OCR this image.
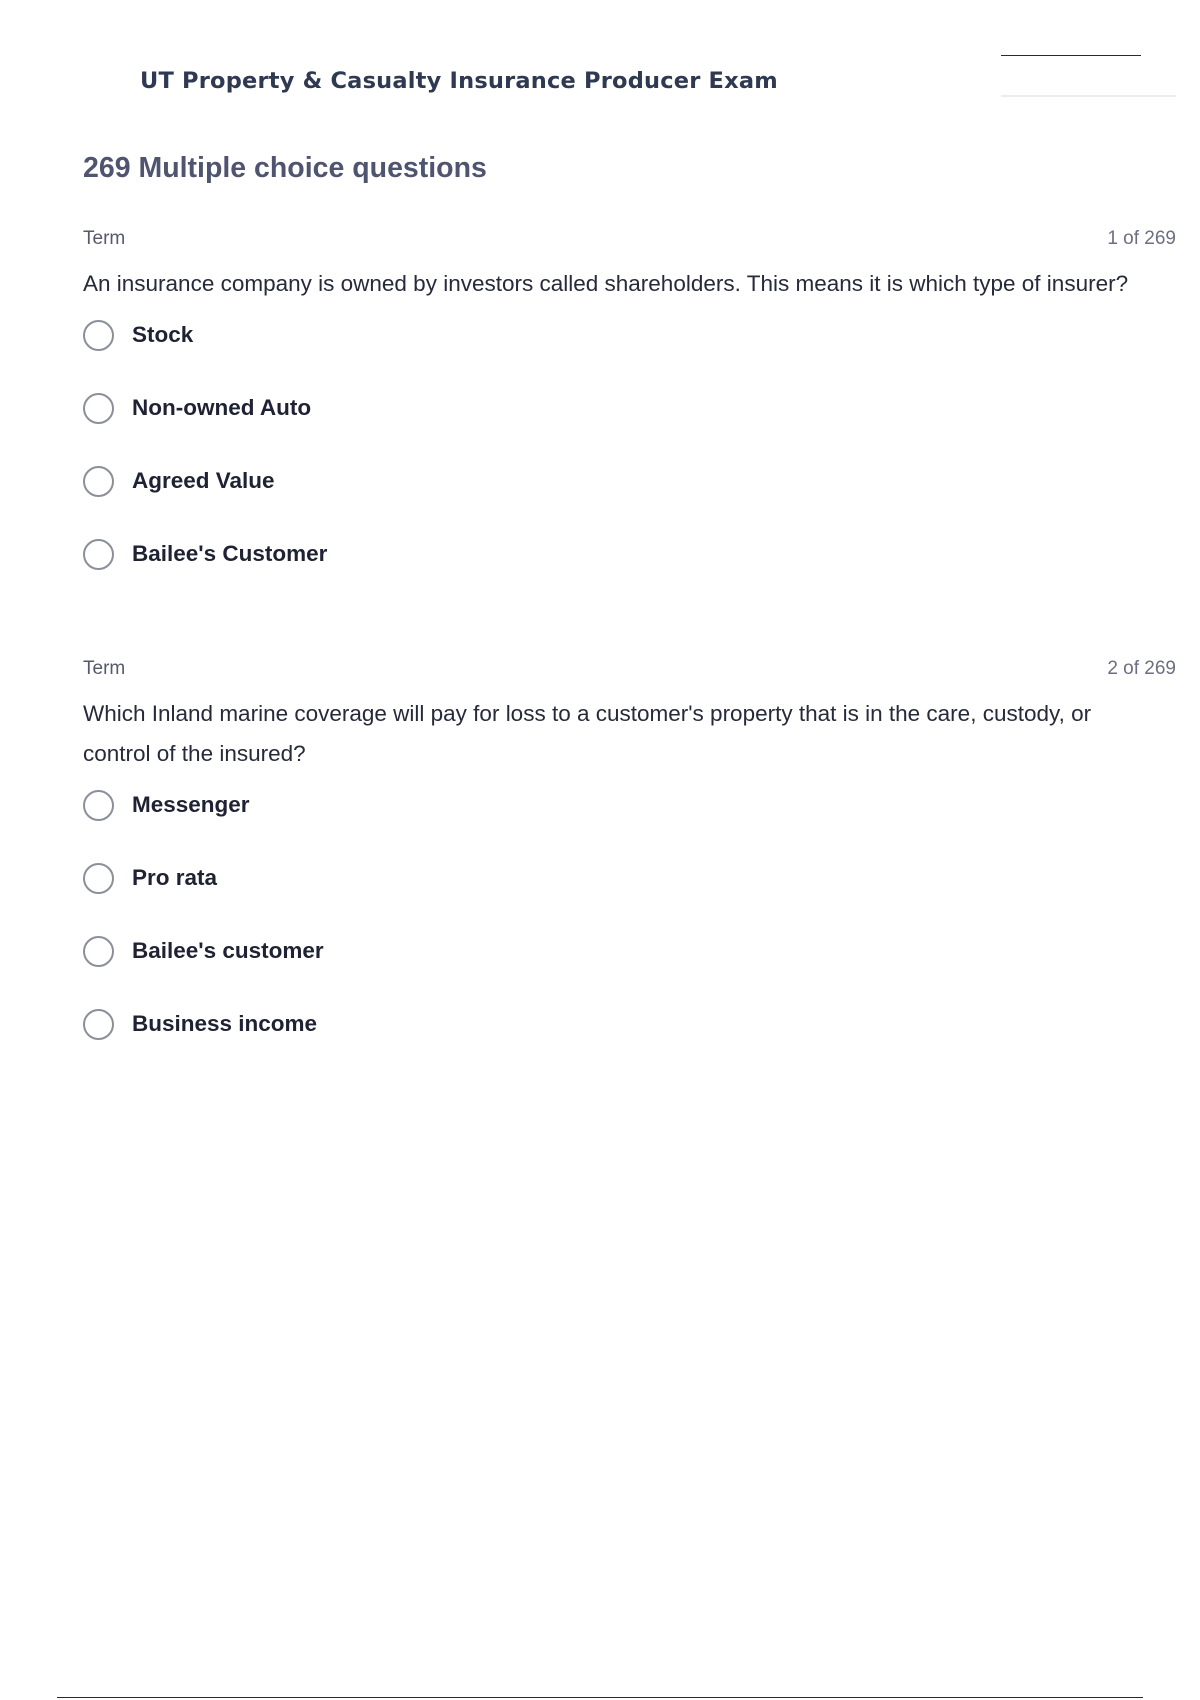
UT Property & Casualty Insurance Producer Exam
269 Multiple choice questions
Term	1 of 269
An insurance company is owned by investors called shareholders. This means it is which type of insurer?
Stock
Non-owned Auto
Agreed Value
Bailee's Customer
Term	2 of 269
Which Inland marine coverage will pay for loss to a customer's property that is in the care, custody, or control of the insured?
Messenger
Pro rata
Bailee's customer
Business income
